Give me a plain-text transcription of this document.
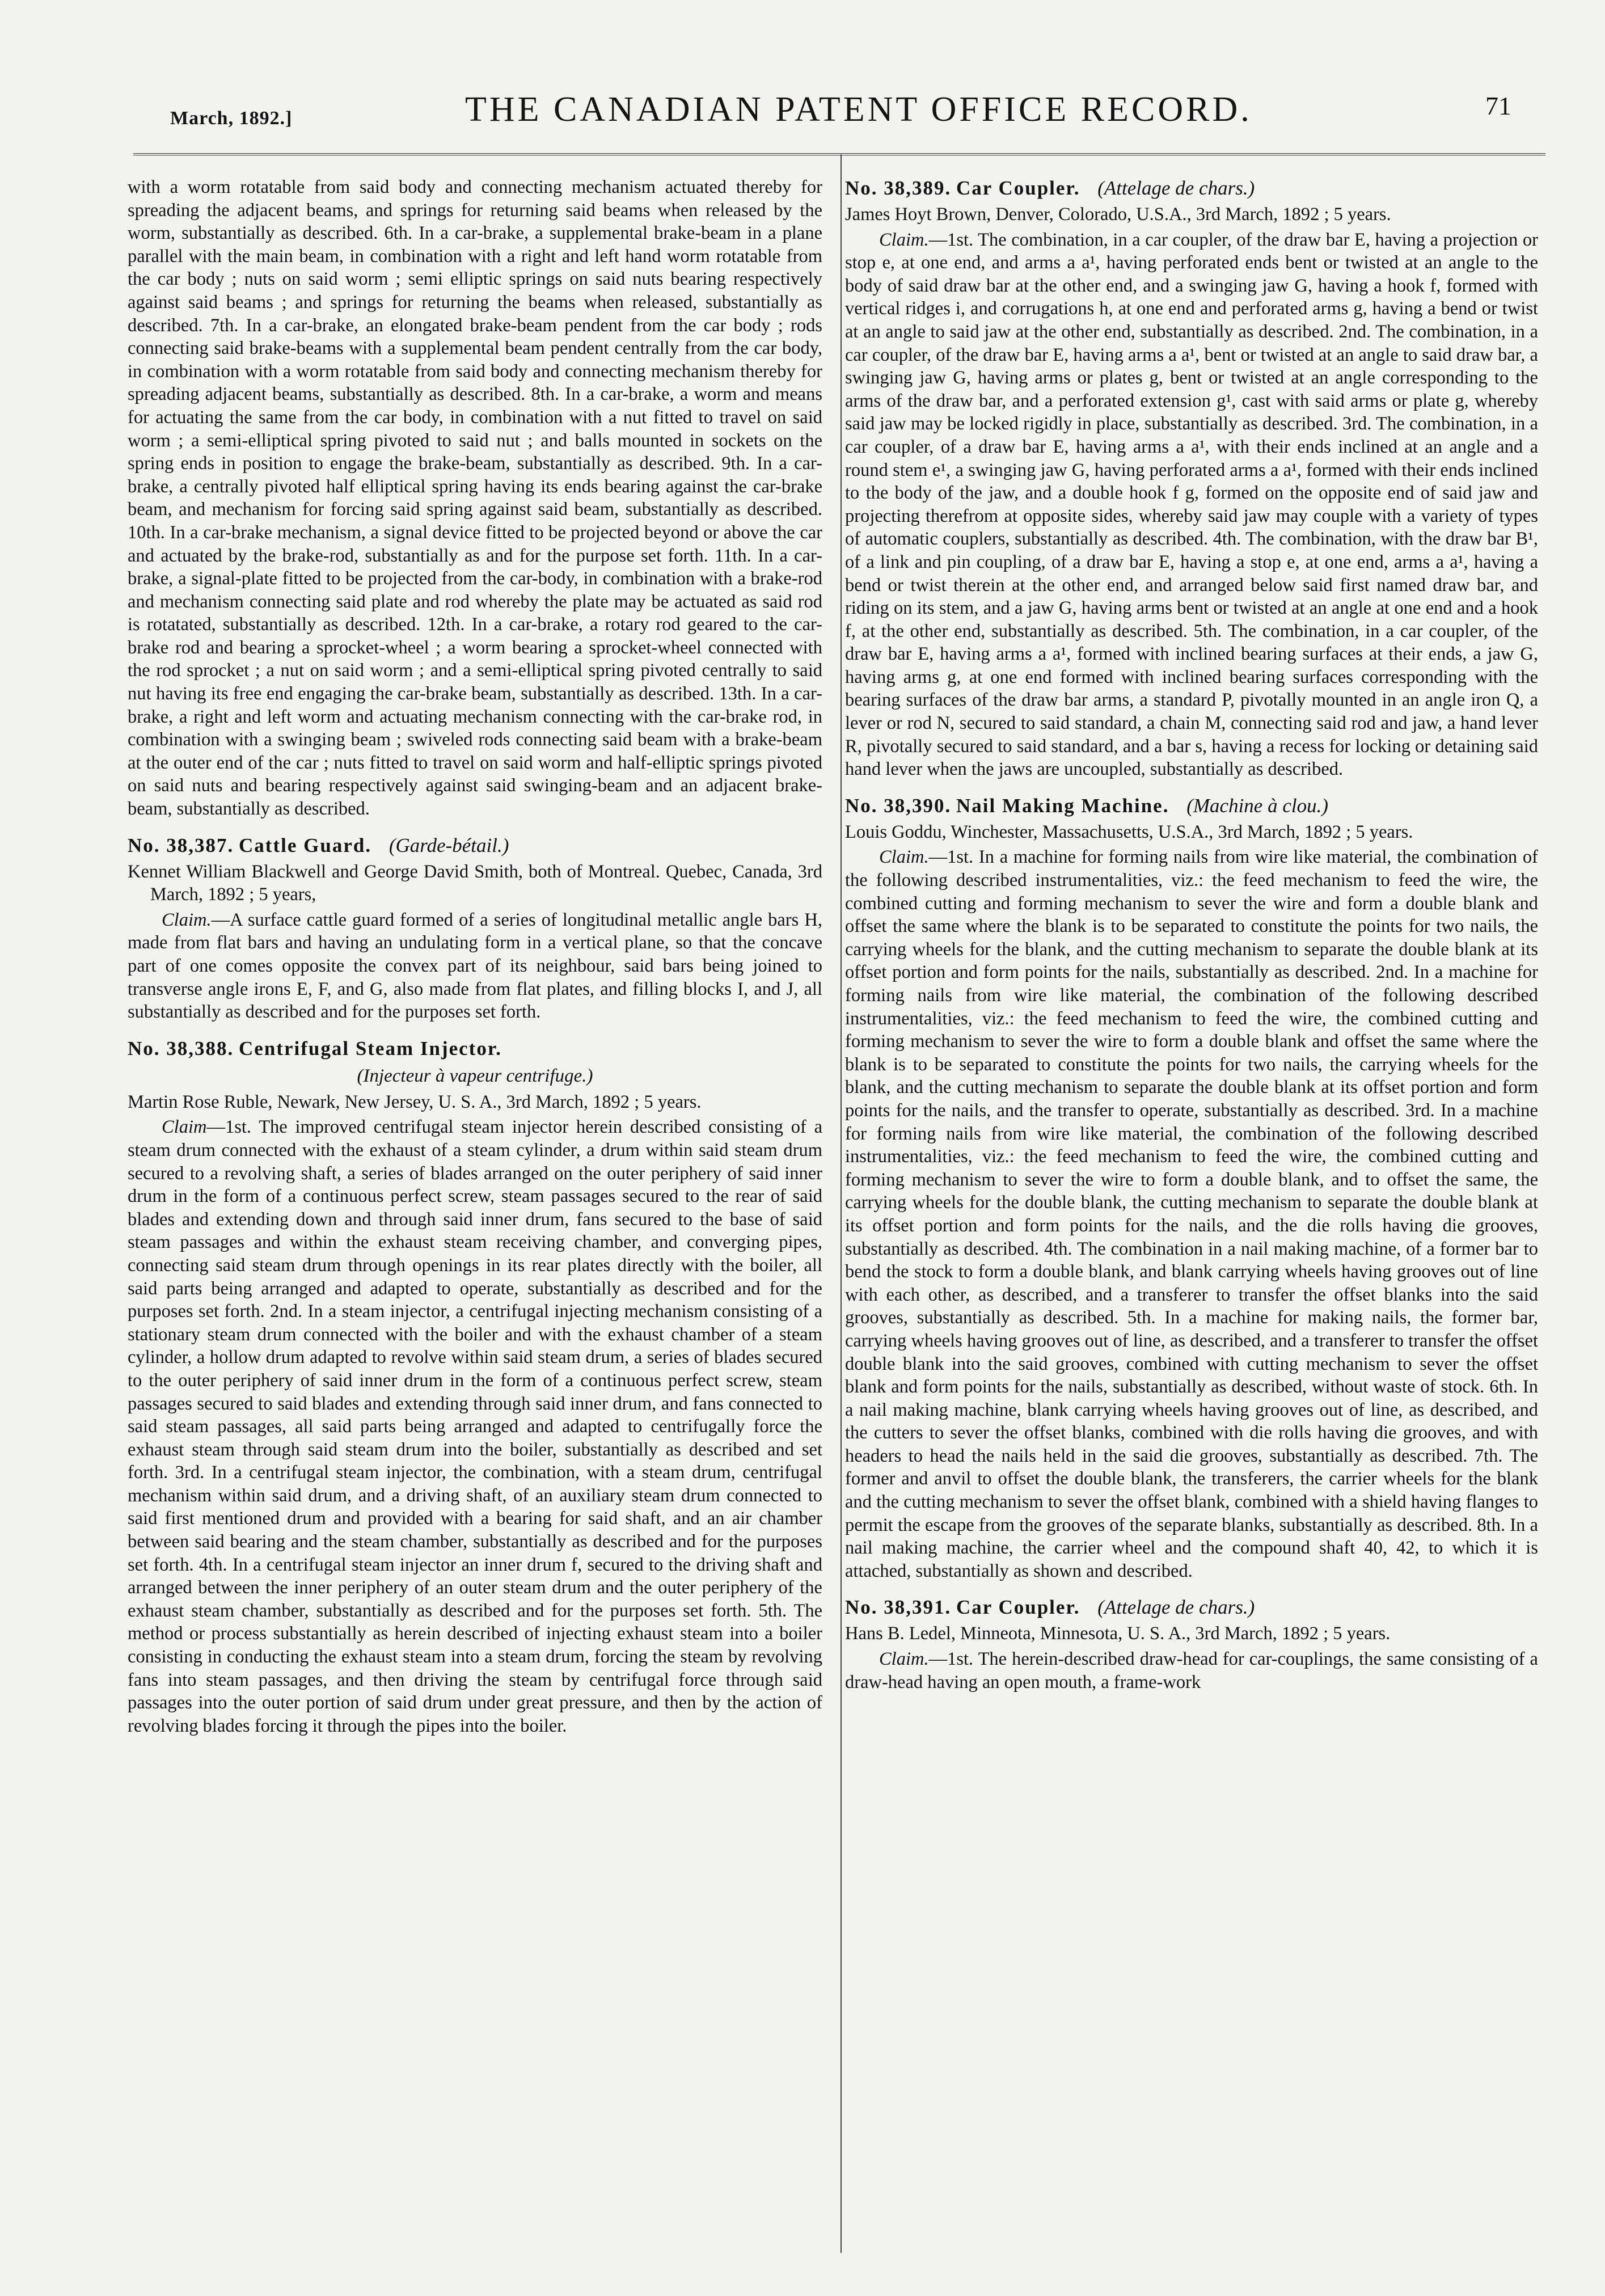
March, 1892.]	THE CANADIAN PATENT OFFICE RECORD.	71

with a worm rotatable from said body and connecting mechanism actuated thereby for spreading the adjacent beams, and springs for returning said beams when released by the worm, substantially as described. 6th. In a car-brake, a supplemental brake-beam in a plane parallel with the main beam, in combination with a right and left hand worm rotatable from the car body ; nuts on said worm ; semi elliptic springs on said nuts bearing respectively against said beams ; and springs for returning the beams when released, substantially as described. 7th. In a car-brake, an elongated brake-beam pendent from the car body ; rods connecting said brake-beams with a supplemental beam pendent centrally from the car body, in combination with a worm rotatable from said body and connecting mechanism thereby for spreading adjacent beams, substantially as described. 8th. In a car-brake, a worm and means for actuating the same from the car body, in combination with a nut fitted to travel on said worm ; a semi-elliptical spring pivoted to said nut ; and balls mounted in sockets on the spring ends in position to engage the brake-beam, substantially as described. 9th. In a car-brake, a centrally pivoted half elliptical spring having its ends bearing against the car-brake beam, and mechanism for forcing said spring against said beam, substantially as described. 10th. In a car-brake mechanism, a signal device fitted to be projected beyond or above the car and actuated by the brake-rod, substantially as and for the purpose set forth. 11th. In a car-brake, a signal-plate fitted to be projected from the car-body, in combination with a brake-rod and mechanism connecting said plate and rod whereby the plate may be actuated as said rod is rotatated, substantially as described. 12th. In a car-brake, a rotary rod geared to the car-brake rod and bearing a sprocket-wheel ; a worm bearing a sprocket-wheel connected with the rod sprocket ; a nut on said worm ; and a semi-elliptical spring pivoted centrally to said nut having its free end engaging the car-brake beam, substantially as described. 13th. In a car-brake, a right and left worm and actuating mechanism connecting with the car-brake rod, in combination with a swinging beam ; swiveled rods connecting said beam with a brake-beam at the outer end of the car ; nuts fitted to travel on said worm and half-elliptic springs pivoted on said nuts and bearing respectively against said swinging-beam and an adjacent brake-beam, substantially as described.

No. 38,387. Cattle Guard. (Garde-bétail.)

Kennet William Blackwell and George David Smith, both of Montreal. Quebec, Canada, 3rd March, 1892 ; 5 years,

Claim.—A surface cattle guard formed of a series of longitudinal metallic angle bars H, made from flat bars and having an undulating form in a vertical plane, so that the concave part of one comes opposite the convex part of its neighbour, said bars being joined to transverse angle irons E, F, and G, also made from flat plates, and filling blocks I, and J, all substantially as described and for the purposes set forth.

No. 38,388. Centrifugal Steam Injector.
(Injecteur à vapeur centrifuge.)

Martin Rose Ruble, Newark, New Jersey, U. S. A., 3rd March, 1892 ; 5 years.

Claim—1st. The improved centrifugal steam injector herein described consisting of a steam drum connected with the exhaust of a steam cylinder, a drum within said steam drum secured to a revolving shaft, a series of blades arranged on the outer periphery of said inner drum in the form of a continuous perfect screw, steam passages secured to the rear of said blades and extending down and through said inner drum, fans secured to the base of said steam passages and within the exhaust steam receiving chamber, and converging pipes, connecting said steam drum through openings in its rear plates directly with the boiler, all said parts being arranged and adapted to operate, substantially as described and for the purposes set forth. 2nd. In a steam injector, a centrifugal injecting mechanism consisting of a stationary steam drum connected with the boiler and with the exhaust chamber of a steam cylinder, a hollow drum adapted to revolve within said steam drum, a series of blades secured to the outer periphery of said inner drum in the form of a continuous perfect screw, steam passages secured to said blades and extending through said inner drum, and fans connected to said steam passages, all said parts being arranged and adapted to centrifugally force the exhaust steam through said steam drum into the boiler, substantially as described and set forth. 3rd. In a centrifugal steam injector, the combination, with a steam drum, centrifugal mechanism within said drum, and a driving shaft, of an auxiliary steam drum connected to said first mentioned drum and provided with a bearing for said shaft, and an air chamber between said bearing and the steam chamber, substantially as described and for the purposes set forth. 4th. In a centrifugal steam injector an inner drum f, secured to the driving shaft and arranged between the inner periphery of an outer steam drum and the outer periphery of the exhaust steam chamber, substantially as described and for the purposes set forth. 5th. The method or process substantially as herein described of injecting exhaust steam into a boiler consisting in conducting the exhaust steam into a steam drum, forcing the steam by revolving fans into steam passages, and then driving the steam by centrifugal force through said passages into the outer portion of said drum under great pressure, and then by the action of revolving blades forcing it through the pipes into the boiler.

No. 38,389. Car Coupler. (Attelage de chars.)

James Hoyt Brown, Denver, Colorado, U.S.A., 3rd March, 1892 ; 5 years.

Claim.—1st. The combination, in a car coupler, of the draw bar E, having a projection or stop e, at one end, and arms a a¹, having perforated ends bent or twisted at an angle to the body of said draw bar at the other end, and a swinging jaw G, having a hook f, formed with vertical ridges i, and corrugations h, at one end and perforated arms g, having a bend or twist at an angle to said jaw at the other end, substantially as described. 2nd. The combination, in a car coupler, of the draw bar E, having arms a a¹, bent or twisted at an angle to said draw bar, a swinging jaw G, having arms or plates g, bent or twisted at an angle corresponding to the arms of the draw bar, and a perforated extension g¹, cast with said arms or plate g, whereby said jaw may be locked rigidly in place, substantially as described. 3rd. The combination, in a car coupler, of a draw bar E, having arms a a¹, with their ends inclined at an angle and a round stem e¹, a swinging jaw G, having perforated arms a a¹, formed with their ends inclined to the body of the jaw, and a double hook f g, formed on the opposite end of said jaw and projecting therefrom at opposite sides, whereby said jaw may couple with a variety of types of automatic couplers, substantially as described. 4th. The combination, with the draw bar B¹, of a link and pin coupling, of a draw bar E, having a stop e, at one end, arms a a¹, having a bend or twist therein at the other end, and arranged below said first named draw bar, and riding on its stem, and a jaw G, having arms bent or twisted at an angle at one end and a hook f, at the other end, substantially as described. 5th. The combination, in a car coupler, of the draw bar E, having arms a a¹, formed with inclined bearing surfaces at their ends, a jaw G, having arms g, at one end formed with inclined bearing surfaces corresponding with the bearing surfaces of the draw bar arms, a standard P, pivotally mounted in an angle iron Q, a lever or rod N, secured to said standard, a chain M, connecting said rod and jaw, a hand lever R, pivotally secured to said standard, and a bar s, having a recess for locking or detaining said hand lever when the jaws are uncoupled, substantially as described.

No. 38,390. Nail Making Machine. (Machine à clou.)

Louis Goddu, Winchester, Massachusetts, U.S.A., 3rd March, 1892 ; 5 years.

Claim.—1st. In a machine for forming nails from wire like material, the combination of the following described instrumentalities, viz.: the feed mechanism to feed the wire, the combined cutting and forming mechanism to sever the wire and form a double blank and offset the same where the blank is to be separated to constitute the points for two nails, the carrying wheels for the blank, and the cutting mechanism to separate the double blank at its offset portion and form points for the nails, substantially as described. 2nd. In a machine for forming nails from wire like material, the combination of the following described instrumentalities, viz.: the feed mechanism to feed the wire, the combined cutting and forming mechanism to sever the wire to form a double blank and offset the same where the blank is to be separated to constitute the points for two nails, the carrying wheels for the blank, and the cutting mechanism to separate the double blank at its offset portion and form points for the nails, and the transfer to operate, substantially as described. 3rd. In a machine for forming nails from wire like material, the combination of the following described instrumentalities, viz.: the feed mechanism to feed the wire, the combined cutting and forming mechanism to sever the wire to form a double blank, and to offset the same, the carrying wheels for the double blank, the cutting mechanism to separate the double blank at its offset portion and form points for the nails, and the die rolls having die grooves, substantially as described. 4th. The combination in a nail making machine, of a former bar to bend the stock to form a double blank, and blank carrying wheels having grooves out of line with each other, as described, and a transferer to transfer the offset blanks into the said grooves, substantially as described. 5th. In a machine for making nails, the former bar, carrying wheels having grooves out of line, as described, and a transferer to transfer the offset double blank into the said grooves, combined with cutting mechanism to sever the offset blank and form points for the nails, substantially as described, without waste of stock. 6th. In a nail making machine, blank carrying wheels having grooves out of line, as described, and the cutters to sever the offset blanks, combined with die rolls having die grooves, and with headers to head the nails held in the said die grooves, substantially as described. 7th. The former and anvil to offset the double blank, the transferers, the carrier wheels for the blank and the cutting mechanism to sever the offset blank, combined with a shield having flanges to permit the escape from the grooves of the separate blanks, substantially as described. 8th. In a nail making machine, the carrier wheel and the compound shaft 40, 42, to which it is attached, substantially as shown and described.

No. 38,391. Car Coupler. (Attelage de chars.)

Hans B. Ledel, Minneota, Minnesota, U. S. A., 3rd March, 1892 ; 5 years.

Claim.—1st. The herein-described draw-head for car-couplings, the same consisting of a draw-head having an open mouth, a frame-work
